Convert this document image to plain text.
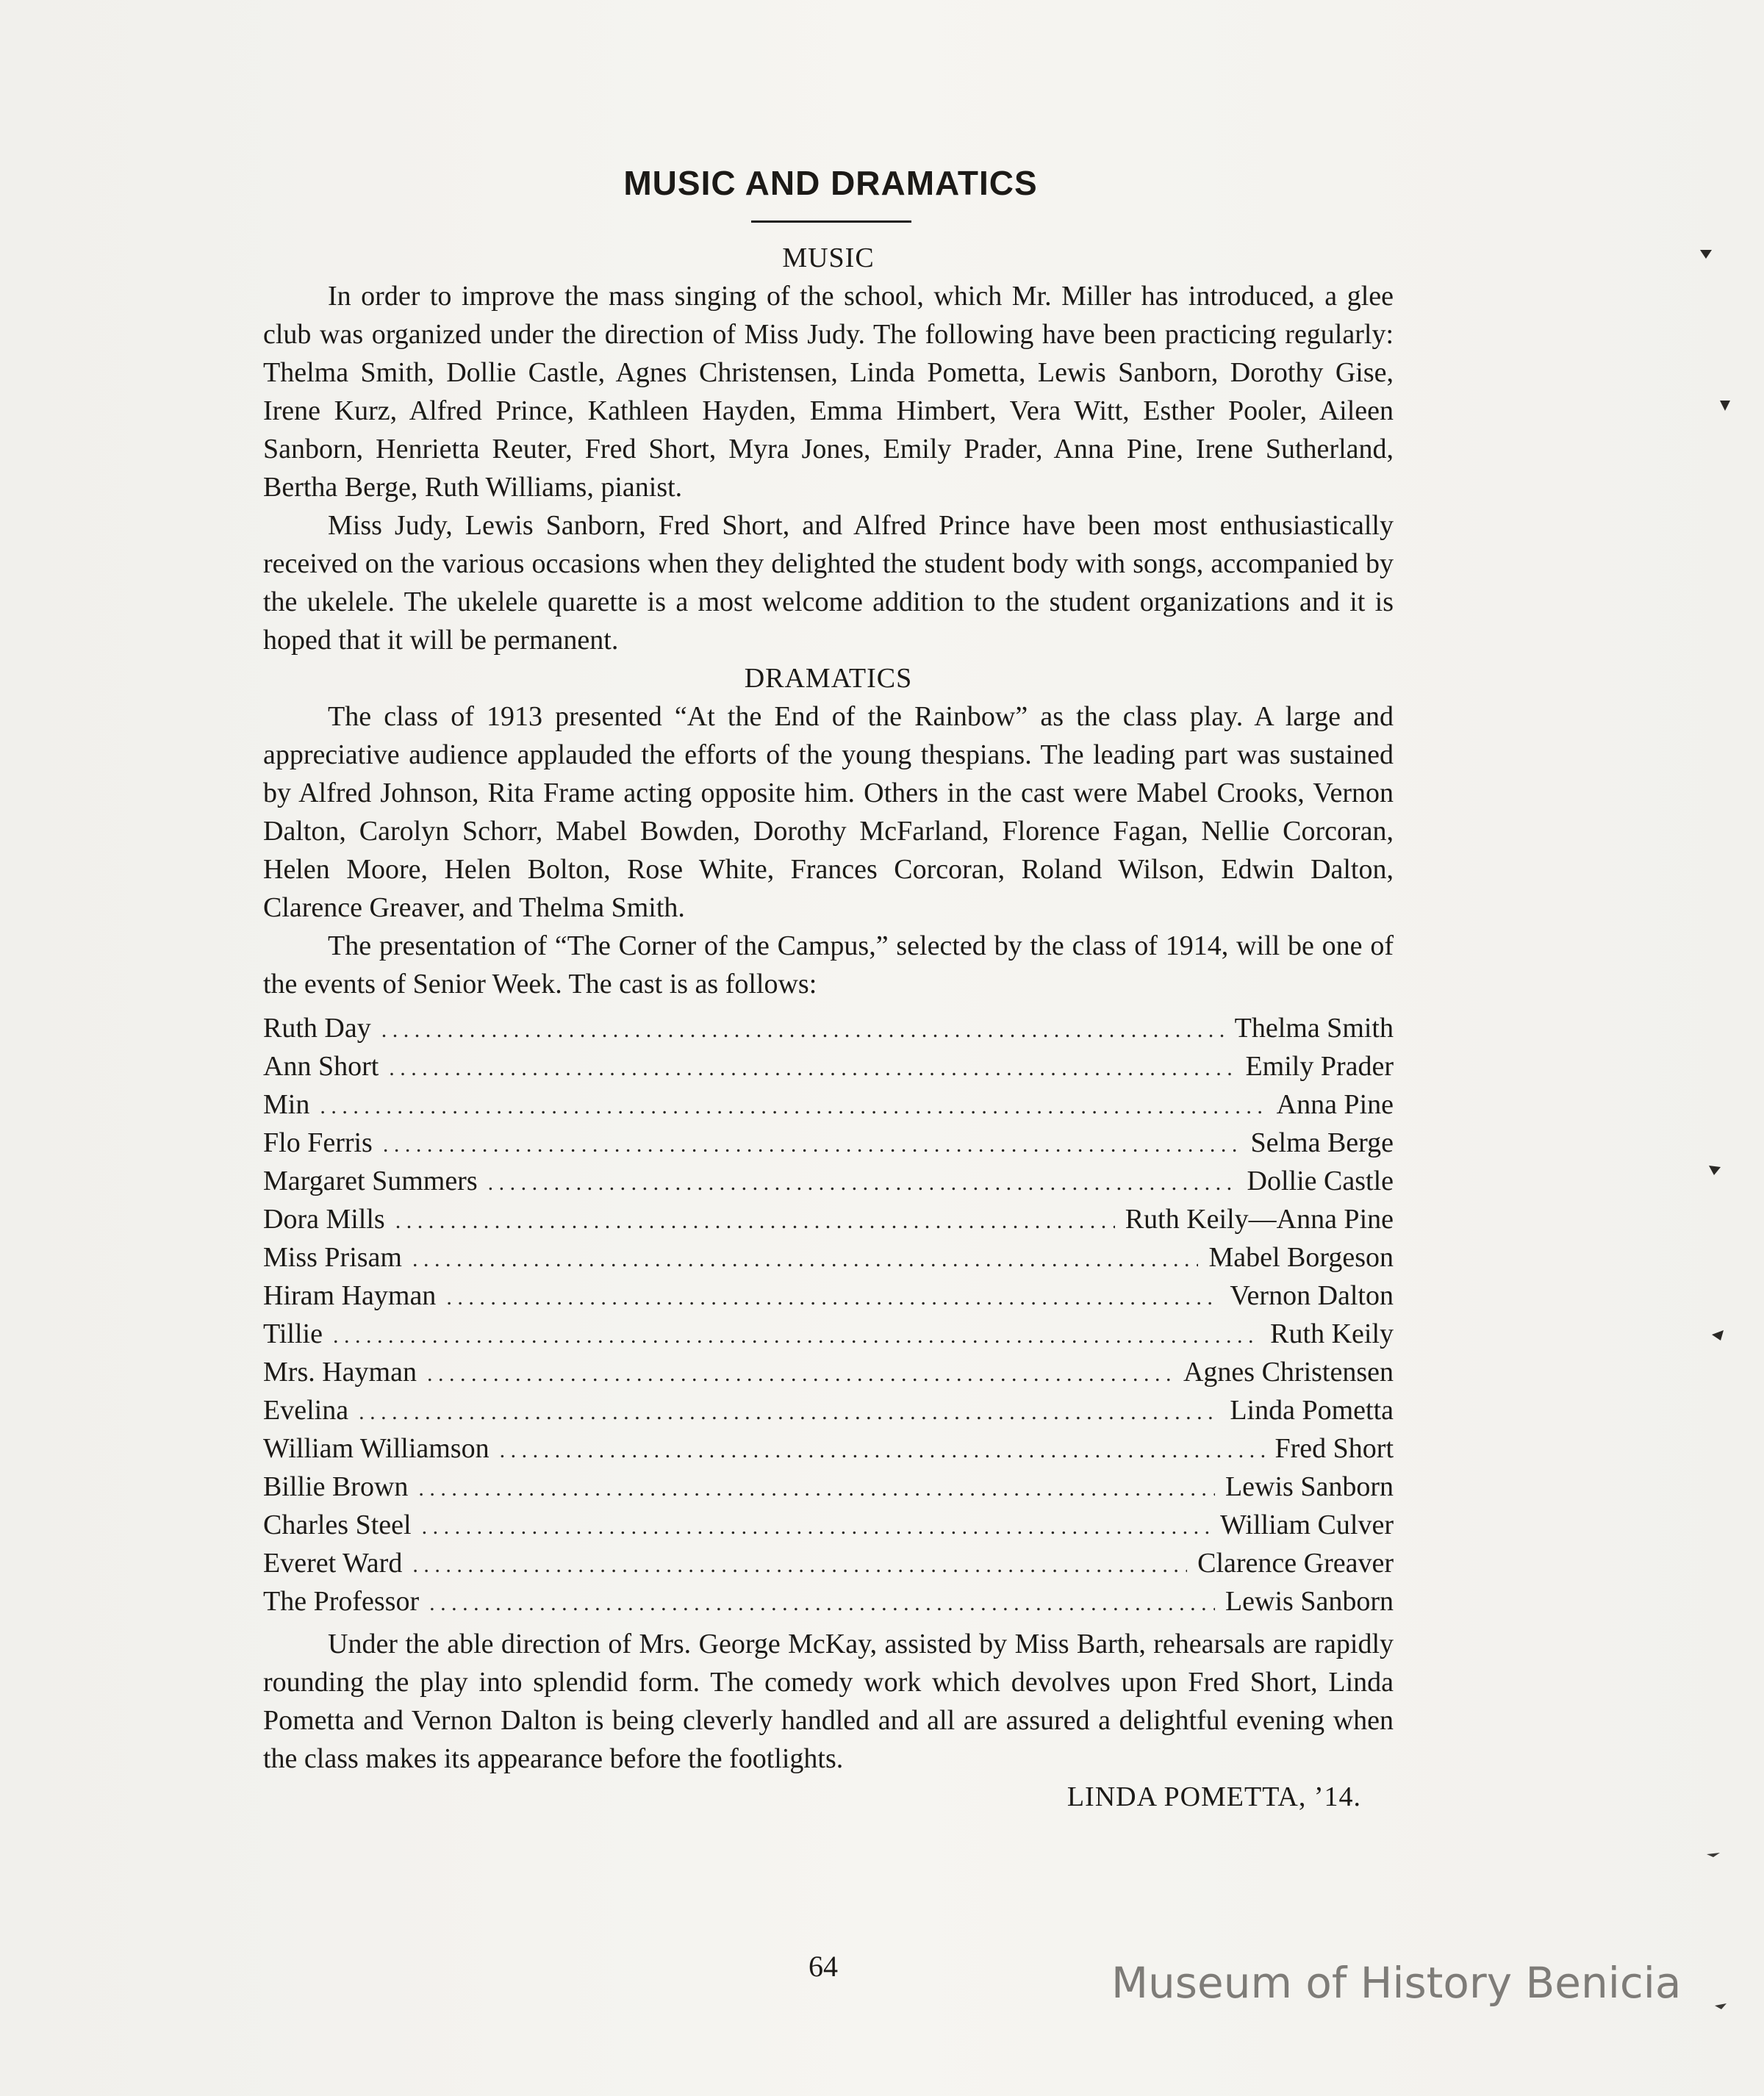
MUSIC AND DRAMATICS
MUSIC

In order to improve the mass singing of the school, which Mr. Miller has introduced, a glee club was organized under the direction of Miss Judy. The following have been practicing regularly: Thelma Smith, Dollie Castle, Agnes Christensen, Linda Pometta, Lewis Sanborn, Dorothy Gise, Irene Kurz, Alfred Prince, Kathleen Hayden, Emma Himbert, Vera Witt, Esther Pooler, Aileen Sanborn, Henrietta Reuter, Fred Short, Myra Jones, Emily Prader, Anna Pine, Irene Sutherland, Bertha Berge, Ruth Williams, pianist.

Miss Judy, Lewis Sanborn, Fred Short, and Alfred Prince have been most enthusiastically received on the various occasions when they delighted the student body with songs, accompanied by the ukelele. The ukelele quarette is a most welcome addition to the student organizations and it is hoped that it will be permanent.

DRAMATICS

The class of 1913 presented “At the End of the Rainbow” as the class play. A large and appreciative audience applauded the efforts of the young thespians. The leading part was sustained by Alfred Johnson, Rita Frame acting opposite him. Others in the cast were Mabel Crooks, Vernon Dalton, Carolyn Schorr, Mabel Bowden, Dorothy McFarland, Florence Fagan, Nellie Corcoran, Helen Moore, Helen Bolton, Rose White, Frances Corcoran, Roland Wilson, Edwin Dalton, Clarence Greaver, and Thelma Smith.

The presentation of “The Corner of the Campus,” selected by the class of 1914, will be one of the events of Senior Week. The cast is as follows:

Ruth Day . . .	Thelma Smith
Ann Short . . .	Emily Prader
Min . . .	Anna Pine
Flo Ferris . . .	Selma Berge
Margaret Summers . . .	Dollie Castle
Dora Mills . . .	Ruth Keily—Anna Pine
Miss Prisam . . .	Mabel Borgeson
Hiram Hayman . . .	Vernon Dalton
Tillie . . .	Ruth Keily
Mrs. Hayman . . .	Agnes Christensen
Evelina . . .	Linda Pometta
William Williamson . . .	Fred Short
Billie Brown . . .	Lewis Sanborn
Charles Steel . . .	William Culver
Everet Ward . . .	Clarence Greaver
The Professor . . .	Lewis Sanborn

Under the able direction of Mrs. George McKay, assisted by Miss Barth, rehearsals are rapidly rounding the play into splendid form. The comedy work which devolves upon Fred Short, Linda Pometta and Vernon Dalton is being cleverly handled and all are assured a delightful evening when the class makes its appearance before the footlights.

LINDA POMETTA, ’14.
64	Museum of History Benicia
